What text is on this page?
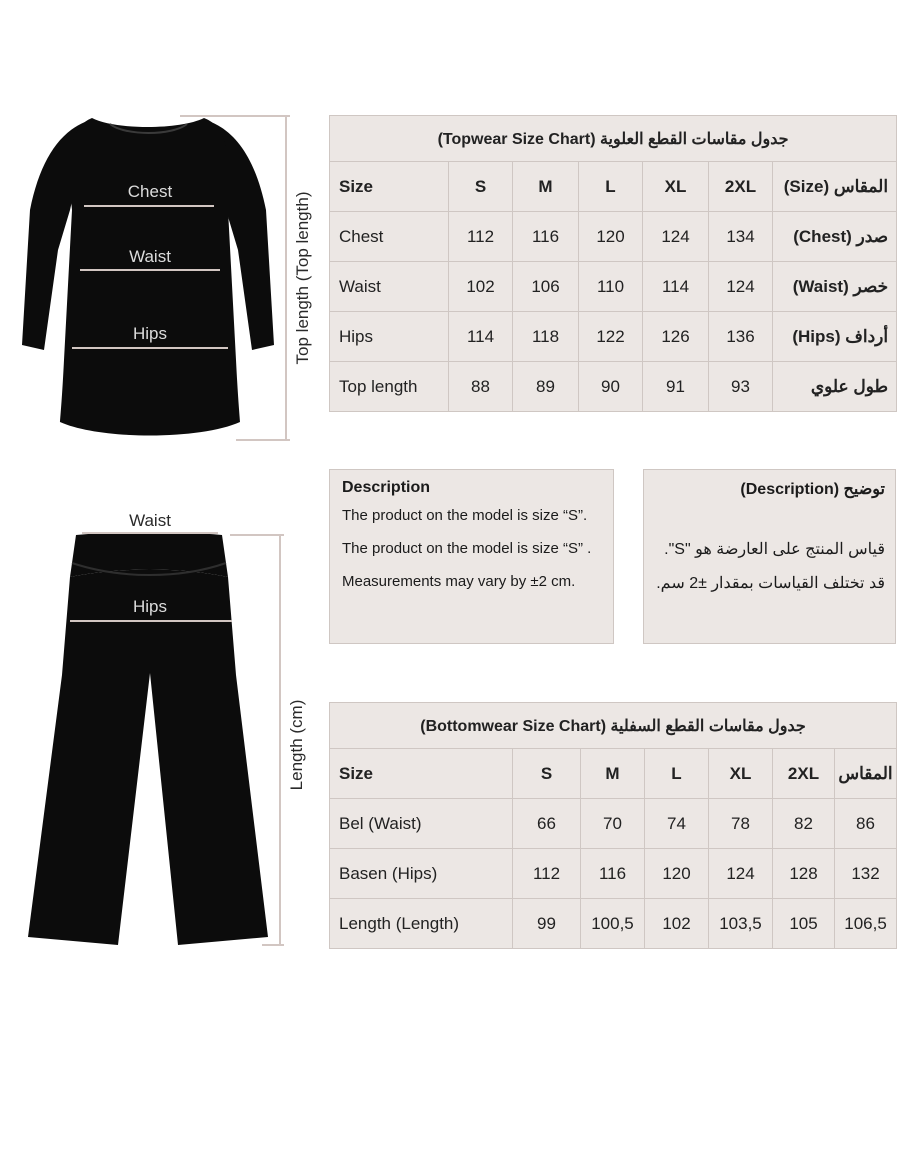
Chest
Waist
Hips	Top length (Top length)
جدول مقاسات القطع العلوية (Topwear Size Chart)						
Size	S	M	L	XL	2XL	المقاس (Size)
Chest	112	116	120	124	134	صدر (Chest)
Waist	102	106	110	114	124	خصر (Waist)
Hips	114	118	122	126	136	أرداف (Hips)
Top length	88	89	90	91	93	طول علوي
Waist
Hips
Length (cm)
Description
The product on the model is size “S”.
The product on the model is size “S” .
Measurements may vary by ±2 cm.
توضيح (Description)
قياس المنتج على العارضة هو "S".
قد تختلف القياسات بمقدار ±2 سم.
جدول مقاسات القطع السفلية (Bottomwear Size Chart)						
Size	S	M	L	XL	2XL	المقاس
Bel (Waist)	66	70	74	78	82	86
Basen (Hips)	112	116	120	124	128	132
Length (Length)	99	100,5	102	103,5	105	106,5
